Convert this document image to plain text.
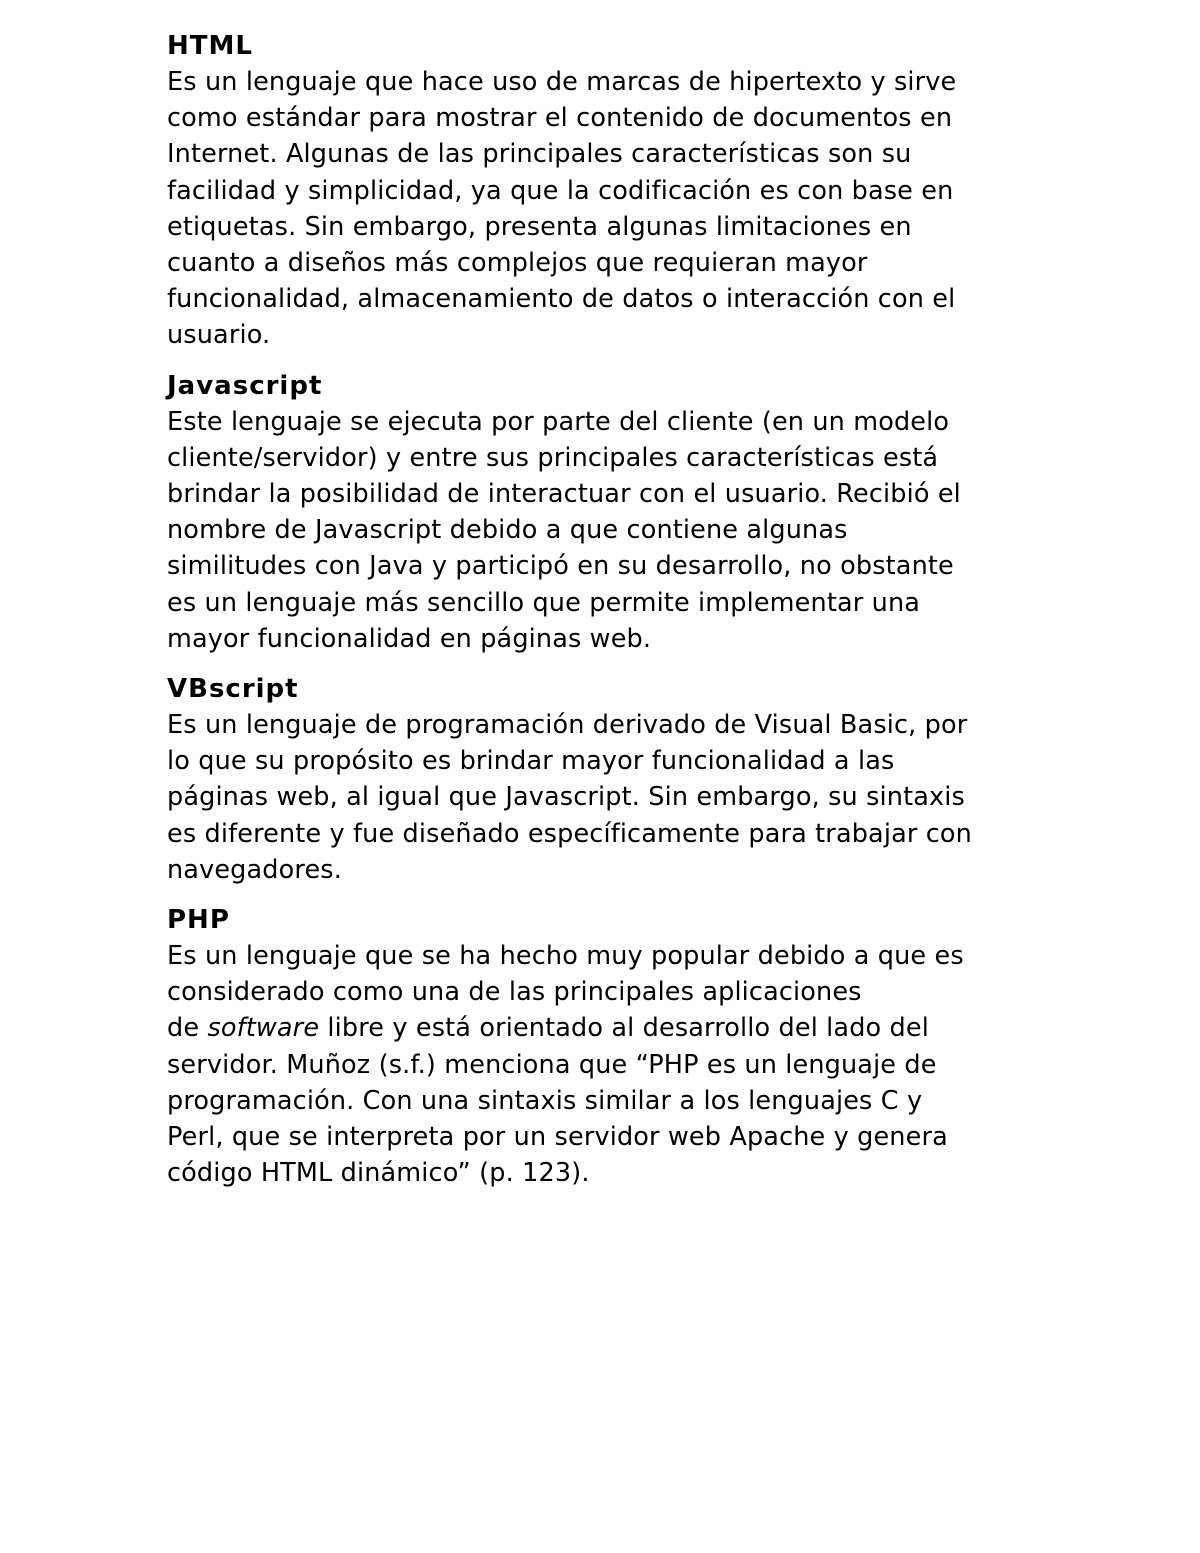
HTML

Es un lenguaje que hace uso de marcas de hipertexto y sirve
como estándar para mostrar el contenido de documentos en
Internet. Algunas de las principales características son su
facilidad y simplicidad, ya que la codificación es con base en
etiquetas. Sin embargo, presenta algunas limitaciones en
cuanto a diseños más complejos que requieran mayor
funcionalidad, almacenamiento de datos o interacción con el
usuario.

Javascript

Este lenguaje se ejecuta por parte del cliente (en un modelo
cliente/servidor) y entre sus principales características está
brindar la posibilidad de interactuar con el usuario. Recibió el
nombre de Javascript debido a que contiene algunas
similitudes con Java y participó en su desarrollo, no obstante
es un lenguaje más sencillo que permite implementar una
mayor funcionalidad en páginas web.

VBscript

Es un lenguaje de programación derivado de Visual Basic, por
lo que su propósito es brindar mayor funcionalidad a las
páginas web, al igual que Javascript. Sin embargo, su sintaxis
es diferente y fue diseñado específicamente para trabajar con
navegadores.

PHP

Es un lenguaje que se ha hecho muy popular debido a que es
considerado como una de las principales aplicaciones
de software libre y está orientado al desarrollo del lado del
servidor. Muñoz (s.f.) menciona que “PHP es un lenguaje de
programación. Con una sintaxis similar a los lenguajes C y
Perl, que se interpreta por un servidor web Apache y genera
código HTML dinámico” (p. 123).
